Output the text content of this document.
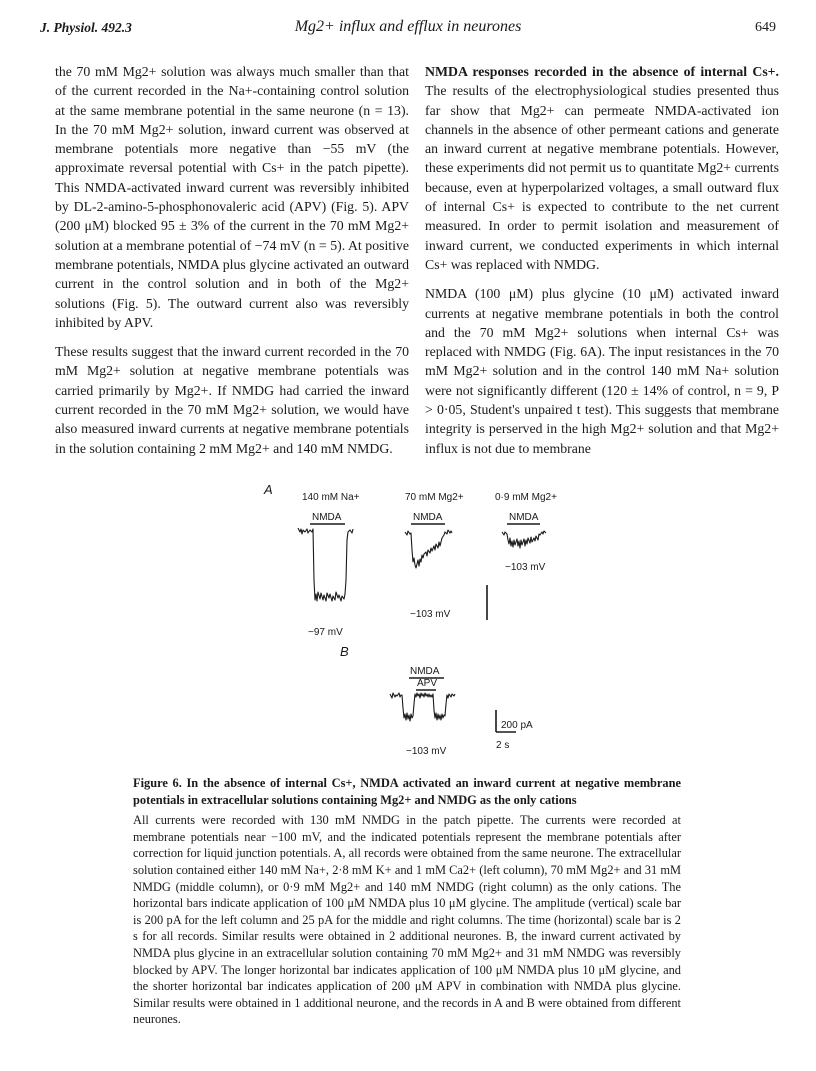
J. Physiol. 492.3	Mg2+ influx and efflux in neurones	649

the 70 mM Mg2+ solution was always much smaller than that of the current recorded in the Na+-containing control solution at the same membrane potential in the same neurone (n = 13). In the 70 mM Mg2+ solution, inward current was observed at membrane potentials more negative than −55 mV (the approximate reversal potential with Cs+ in the patch pipette). This NMDA-activated inward current was reversibly inhibited by DL-2-amino-5-phosphonovaleric acid (APV) (Fig. 5). APV (200 μM) blocked 95 ± 3% of the current in the 70 mM Mg2+ solution at a membrane potential of −74 mV (n = 5). At positive membrane potentials, NMDA plus glycine activated an outward current in the control solution and in both of the Mg2+ solutions (Fig. 5). The outward current also was reversibly inhibited by APV.

These results suggest that the inward current recorded in the 70 mM Mg2+ solution at negative membrane potentials was carried primarily by Mg2+. If NMDG had carried the inward current recorded in the 70 mM Mg2+ solution, we would have also measured inward currents at negative membrane potentials in the solution containing 2 mM Mg2+ and 140 mM NMDG.

NMDA responses recorded in the absence of internal Cs+. The results of the electrophysiological studies presented thus far show that Mg2+ can permeate NMDA-activated ion channels in the absence of other permeant cations and generate an inward current at negative membrane potentials. However, these experiments did not permit us to quantitate Mg2+ currents because, even at hyperpolarized voltages, a small outward flux of internal Cs+ is expected to contribute to the net current measured. In order to permit isolation and measurement of inward current, we conducted experiments in which internal Cs+ was replaced with NMDG.

NMDA (100 μM) plus glycine (10 μM) activated inward currents at negative membrane potentials in both the control and the 70 mM Mg2+ solutions when internal Cs+ was replaced with NMDG (Fig. 6A). The input resistances in the 70 mM Mg2+ solution and in the control 140 mM Na+ solution were not significantly different (120 ± 14% of control, n = 9, P > 0·05, Student's unpaired t test). This suggests that membrane integrity is perserved in the high Mg2+ solution and that Mg2+ influx is not due to membrane

A
140 mM Na+	70 mM Mg2+	0·9 mM Mg2+
NMDA	NMDA	NMDA
−97 mV
−103 mV
−103 mV
B
NMDA
APV
−103 mV
200 pA
2 s

Figure 6. In the absence of internal Cs+, NMDA activated an inward current at negative membrane potentials in extracellular solutions containing Mg2+ and NMDG as the only cations

All currents were recorded with 130 mM NMDG in the patch pipette. The currents were recorded at membrane potentials near −100 mV, and the indicated potentials represent the membrane potentials after correction for liquid junction potentials. A, all records were obtained from the same neurone. The extracellular solution contained either 140 mM Na+, 2·8 mM K+ and 1 mM Ca2+ (left column), 70 mM Mg2+ and 31 mM NMDG (middle column), or 0·9 mM Mg2+ and 140 mM NMDG (right column) as the only cations. The horizontal bars indicate application of 100 μM NMDA plus 10 μM glycine. The amplitude (vertical) scale bar is 200 pA for the left column and 25 pA for the middle and right columns. The time (horizontal) scale bar is 2 s for all records. Similar results were obtained in 2 additional neurones. B, the inward current activated by NMDA plus glycine in an extracellular solution containing 70 mM Mg2+ and 31 mM NMDG was reversibly blocked by APV. The longer horizontal bar indicates application of 100 μM NMDA plus 10 μM glycine, and the shorter horizontal bar indicates application of 200 μM APV in combination with NMDA plus glycine. Similar results were obtained in 1 additional neurone, and the records in A and B were obtained from different neurones.
